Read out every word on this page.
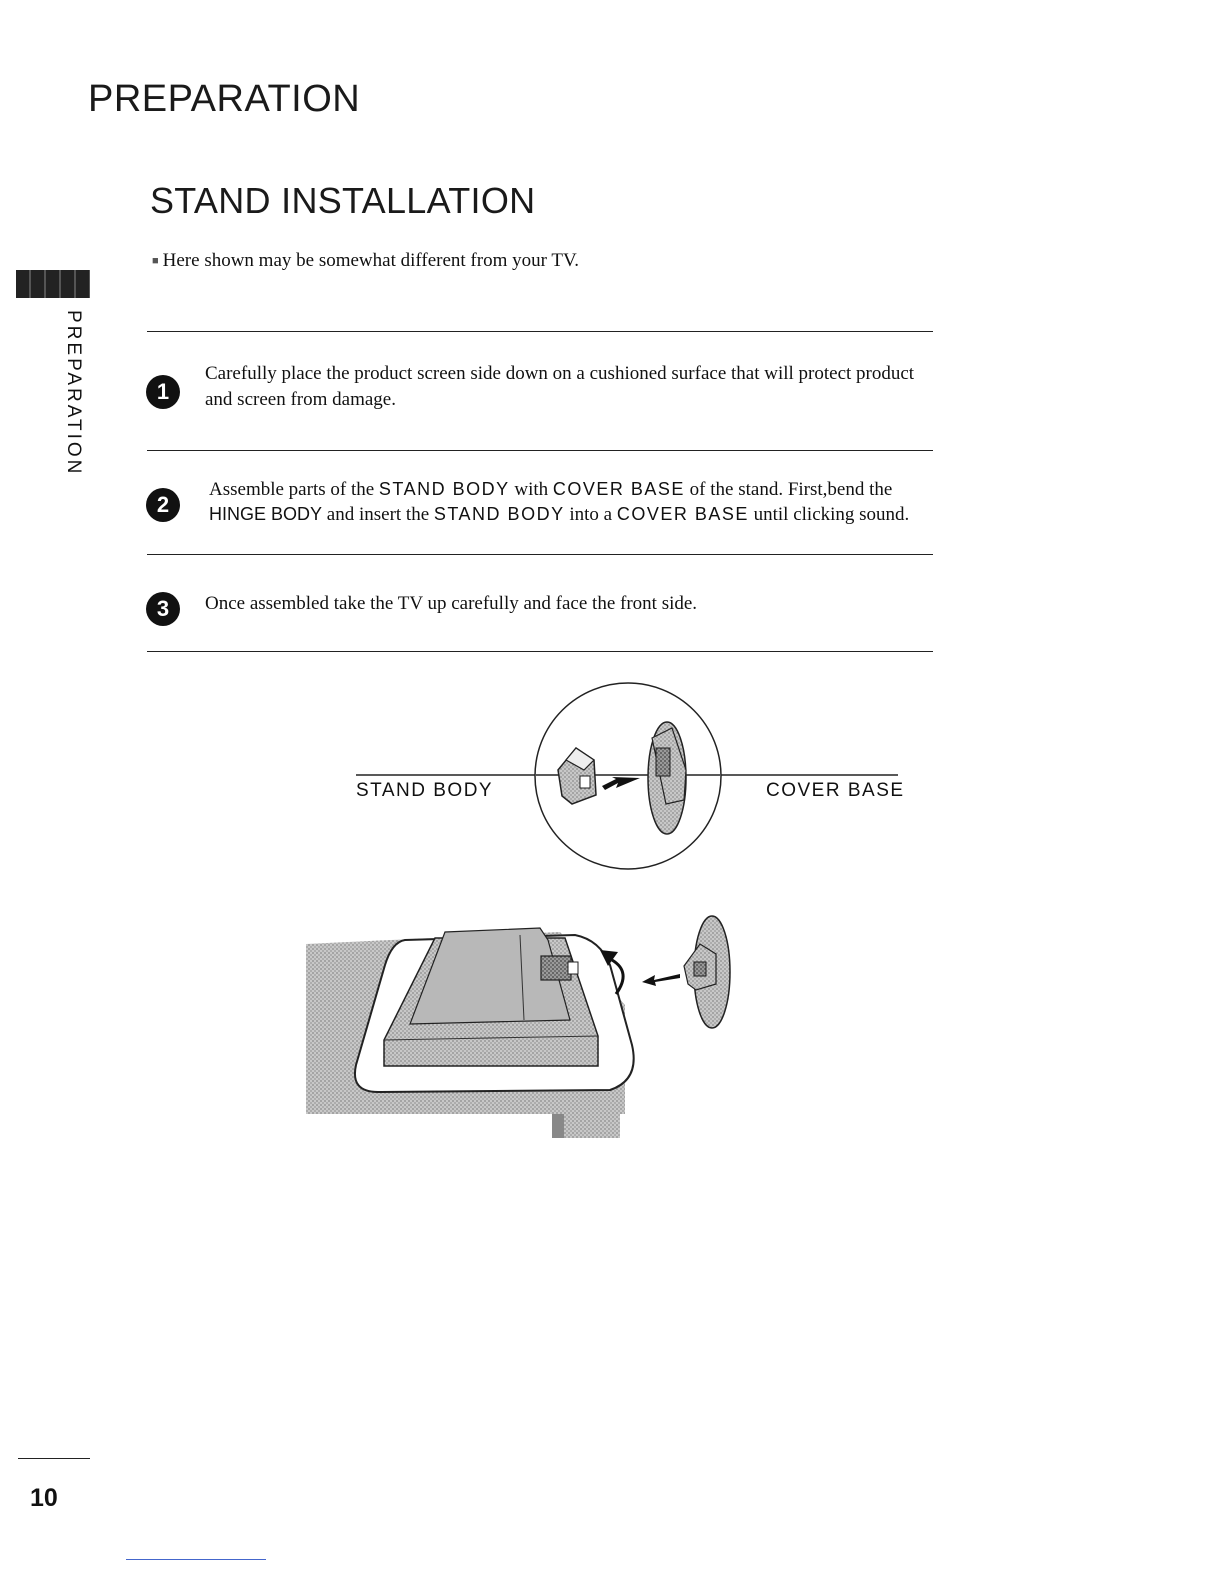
PREPARATION
STAND INSTALLATION
■ Here shown may be somewhat different from your TV.
PREPARATION	1
Carefully place the product screen side down on a cushioned surface that will protect product and screen from damage.
2
Assemble parts of the STAND BODY with COVER BASE of the stand. First,bend the HINGE BODY and insert the STAND BODY into a COVER BASE until clicking sound.
3	Once assembled take the TV up carefully and face the front side.
STAND BODY	COVER BASE
10
